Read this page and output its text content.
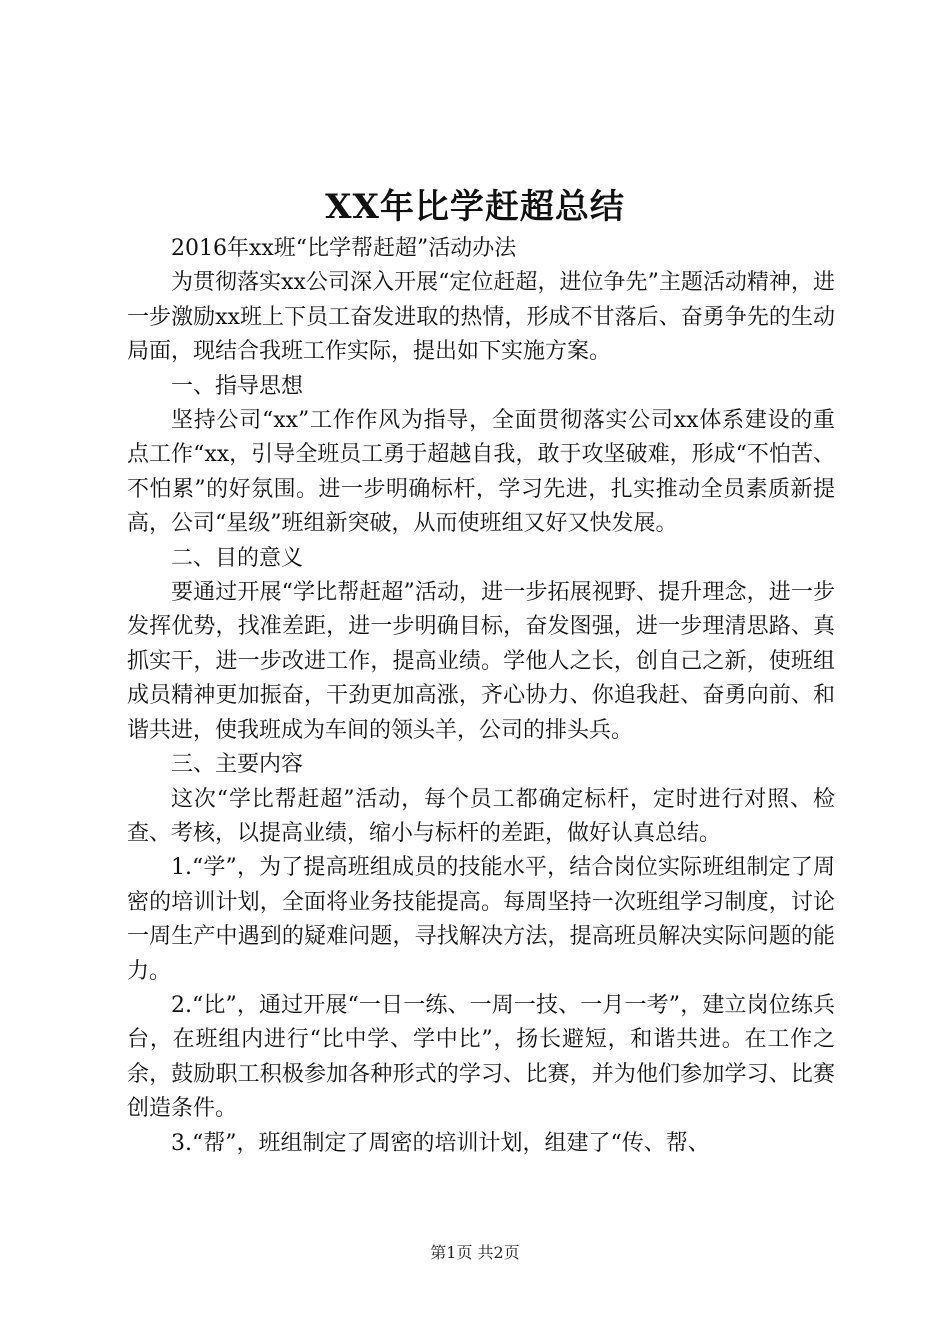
XX年比学赶超总结

2016年xx班“比学帮赶超”活动办法

为贯彻落实xx公司深入开展“定位赶超，进位争先”主题活动精神，进一步激励xx班上下员工奋发进取的热情，形成不甘落后、奋勇争先的生动局面，现结合我班工作实际，提出如下实施方案。

一、指导思想

坚持公司“xx”工作作风为指导，全面贯彻落实公司xx体系建设的重点工作“xx，引导全班员工勇于超越自我，敢于攻坚破难，形成“不怕苦、不怕累”的好氛围。进一步明确标杆，学习先进，扎实推动全员素质新提高，公司“星级”班组新突破，从而使班组又好又快发展。

二、目的意义

要通过开展“学比帮赶超”活动，进一步拓展视野、提升理念，进一步发挥优势，找准差距，进一步明确目标，奋发图强，进一步理清思路、真抓实干，进一步改进工作，提高业绩。学他人之长，创自己之新，使班组成员精神更加振奋，干劲更加高涨，齐心协力、你追我赶、奋勇向前、和谐共进，使我班成为车间的领头羊，公司的排头兵。

三、主要内容

这次“学比帮赶超”活动，每个员工都确定标杆，定时进行对照、检查、考核，以提高业绩，缩小与标杆的差距，做好认真总结。

1.“学”，为了提高班组成员的技能水平，结合岗位实际班组制定了周密的培训计划，全面将业务技能提高。每周坚持一次班组学习制度，讨论一周生产中遇到的疑难问题，寻找解决方法，提高班员解决实际问题的能力。

2.“比”，通过开展“一日一练、一周一技、一月一考”，建立岗位练兵台，在班组内进行“比中学、学中比”，扬长避短，和谐共进。在工作之余，鼓励职工积极参加各种形式的学习、比赛，并为他们参加学习、比赛创造条件。

3.“帮”，班组制定了周密的培训计划，组建了“传、帮、

第1页 共2页
